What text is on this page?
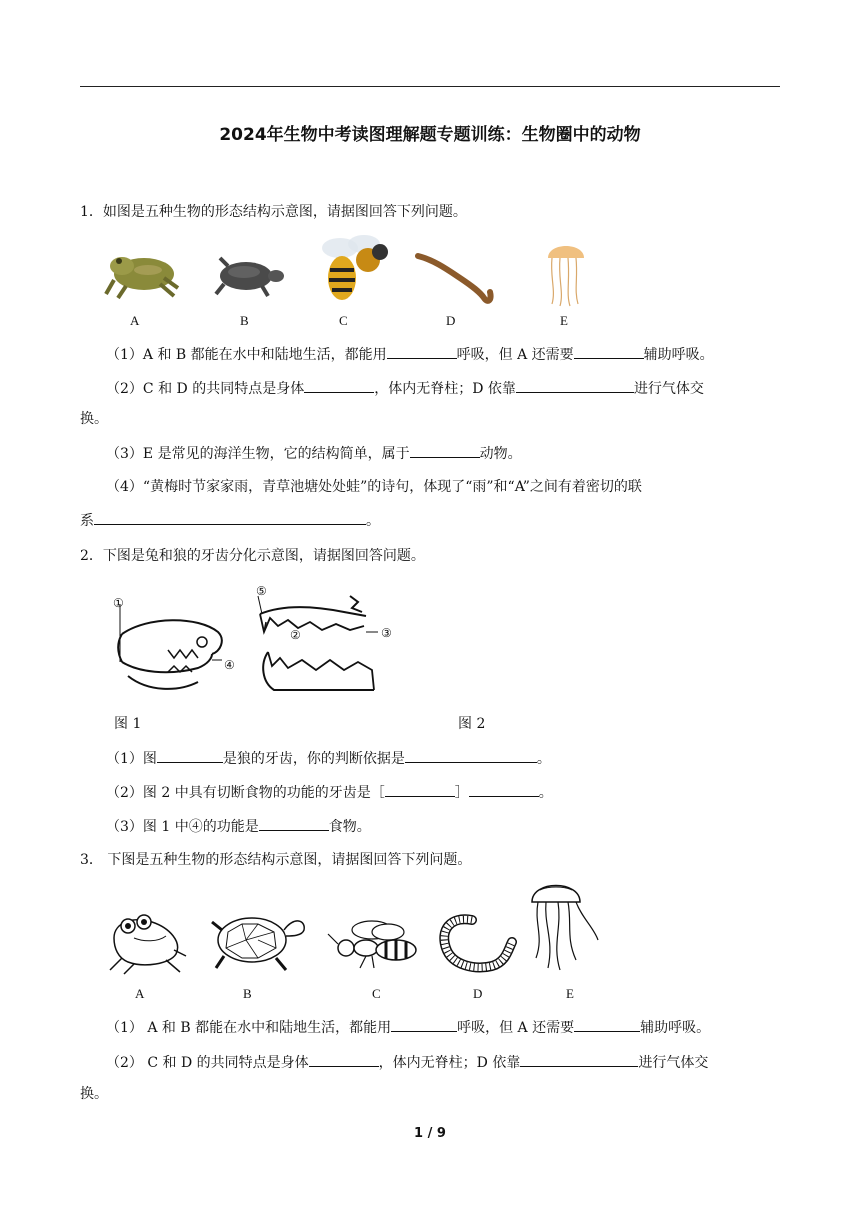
2024年生物中考读图理解题专题训练：生物圈中的动物
1．如图是五种生物的形态结构示意图，请据图回答下列问题。
A	B	C	D	E
（1）A 和 B 都能在水中和陆地生活，都能用	呼吸，但 A 还需要	辅助呼吸。
（2）C 和 D 的共同特点是身体	，体内无脊柱；D 依靠	进行气体交
换。
（3）E 是常见的海洋生物，它的结构简单，属于	动物。
（4）“黄梅时节家家雨，青草池塘处处蛙”的诗句，体现了“雨”和“A”之间有着密切的联
系	。
2．下图是兔和狼的牙齿分化示意图，请据图回答问题。
①
④
⑤
②	③
图 1	图 2
（1）图	是狼的牙齿，你的判断依据是	。
（2）图 2 中具有切断食物的功能的牙齿是［	］	。
（3）图 1 中④的功能是	食物。
3． 下图是五种生物的形态结构示意图，请据图回答下列问题。
A	B	C	D	E
（1） A 和 B 都能在水中和陆地生活，都能用	呼吸，但 A 还需要	辅助呼吸。
（2） C 和 D 的共同特点是身体	，体内无脊柱；D 依靠	进行气体交
换。
1 / 9
